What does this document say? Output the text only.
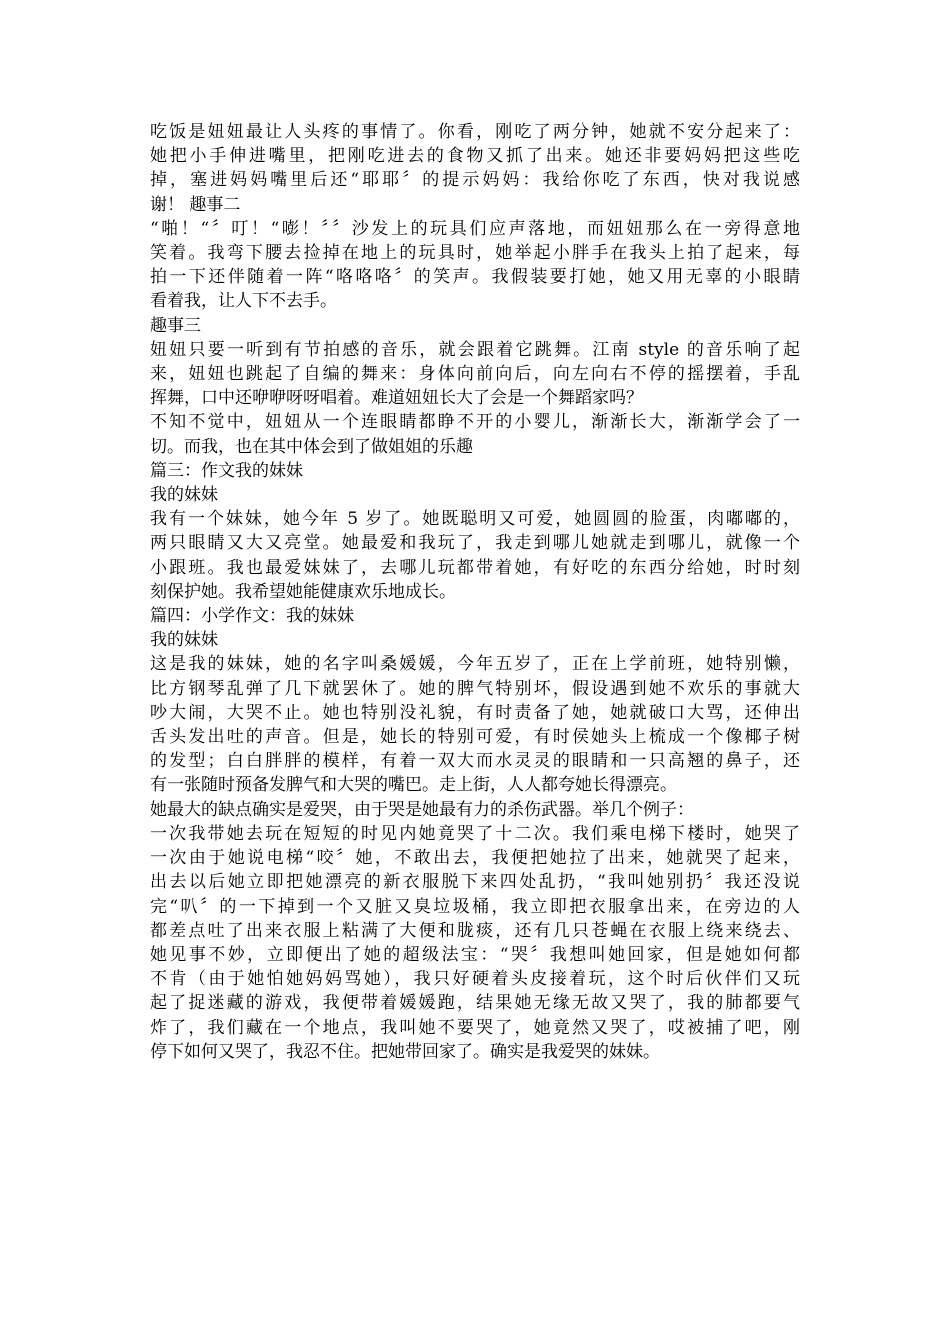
吃饭是妞妞最让人头疼的事情了。你看，刚吃了两分钟，她就不安分起来了：
她把小手伸进嘴里，把刚吃进去的食物又抓了出来。她还非要妈妈把这些吃
掉，塞进妈妈嘴里后还“耶耶〞的提示妈妈：我给你吃了东西，快对我说感
谢！ 趣事二
“啪！“〞叮！“嘭！〞〞沙发上的玩具们应声落地，而妞妞那么在一旁得意地
笑着。我弯下腰去捡掉在地上的玩具时，她举起小胖手在我头上拍了起来，每
拍一下还伴随着一阵“咯咯咯〞的笑声。我假装要打她，她又用无辜的小眼睛
看着我，让人下不去手。
趣事三
妞妞只要一听到有节拍感的音乐，就会跟着它跳舞。江南 style 的音乐响了起
来，妞妞也跳起了自编的舞来：身体向前向后，向左向右不停的摇摆着，手乱
挥舞，口中还咿咿呀呀唱着。难道妞妞长大了会是一个舞蹈家吗？
不知不觉中，妞妞从一个连眼睛都睁不开的小婴儿，渐渐长大，渐渐学会了一
切。而我，也在其中体会到了做姐姐的乐趣
篇三：作文我的妹妹
我的妹妹
我有一个妹妹，她今年 5 岁了。她既聪明又可爱，她圆圆的脸蛋，肉嘟嘟的，
两只眼睛又大又亮堂。她最爱和我玩了，我走到哪儿她就走到哪儿，就像一个
小跟班。我也最爱妹妹了，去哪儿玩都带着她，有好吃的东西分给她，时时刻
刻保护她。我希望她能健康欢乐地成长。
篇四：小学作文：我的妹妹
我的妹妹
这是我的妹妹，她的名字叫桑媛媛，今年五岁了，正在上学前班，她特别懒，
比方钢琴乱弹了几下就罢休了。她的脾气特别坏，假设遇到她不欢乐的事就大
吵大闹，大哭不止。她也特别没礼貌，有时责备了她，她就破口大骂，还伸出
舌头发出吐的声音。但是，她长的特别可爱，有时侯她头上梳成一个像椰子树
的发型；白白胖胖的模样，有着一双大而水灵灵的眼睛和一只高翘的鼻子，还
有一张随时预备发脾气和大哭的嘴巴。走上街，人人都夸她长得漂亮。
她最大的缺点确实是爱哭，由于哭是她最有力的杀伤武器。举几个例子：
一次我带她去玩在短短的时见内她竟哭了十二次。我们乘电梯下楼时，她哭了
一次由于她说电梯“咬〞她，不敢出去，我便把她拉了出来，她就哭了起来，
出去以后她立即把她漂亮的新衣服脱下来四处乱扔，“我叫她别扔〞我还没说
完“叭〞的一下掉到一个又脏又臭垃圾桶，我立即把衣服拿出来，在旁边的人
都差点吐了出来衣服上粘满了大便和胧痰，还有几只苍蝇在衣服上绕来绕去、
她见事不妙，立即便出了她的超级法宝：“哭〞我想叫她回家，但是她如何都
不肯（由于她怕她妈妈骂她），我只好硬着头皮接着玩，这个时后伙伴们又玩
起了捉迷藏的游戏，我便带着媛媛跑，结果她无缘无故又哭了，我的肺都要气
炸了，我们藏在一个地点，我叫她不要哭了，她竟然又哭了，哎被捕了吧，刚
停下如何又哭了，我忍不住。把她带回家了。确实是我爱哭的妹妹。
